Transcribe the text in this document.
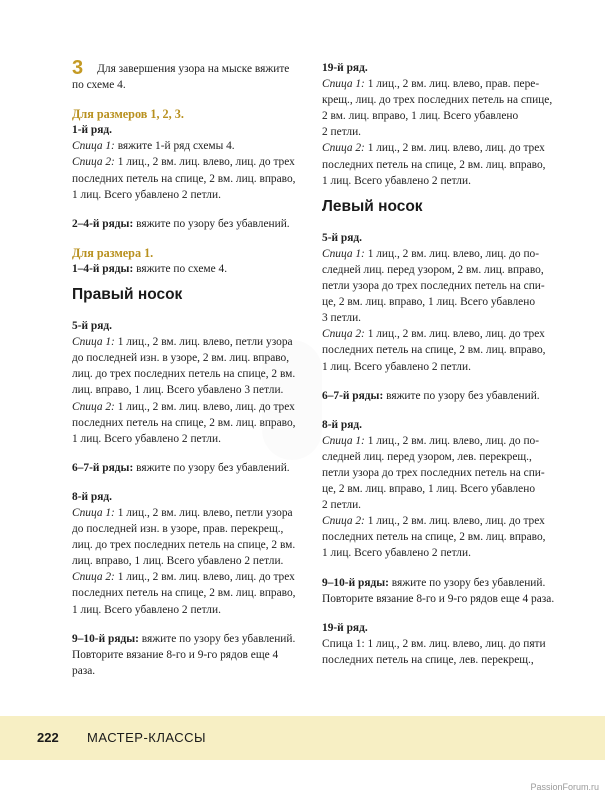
3 Для завершения узора на мыске вяжите

по схеме 4.

Для размеров 1, 2, 3.

1-й ряд.

Спица 1: вяжите 1-й ряд схемы 4.

Спица 2: 1 лиц., 2 вм. лиц. влево, лиц. до трех

последних петель на спице, 2 вм. лиц. вправо,

1 лиц. Всего убавлено 2 петли.

2–4-й ряды: вяжите по узору без убавлений.

Для размера 1.

1–4-й ряды: вяжите по схеме 4.

Правый носок

5-й ряд.

Спица 1: 1 лиц., 2 вм. лиц. влево, петли узора

до последней изн. в узоре, 2 вм. лиц. вправо,

лиц. до трех последних петель на спице, 2 вм.

лиц. вправо, 1 лиц. Всего убавлено 3 петли.

Спица 2: 1 лиц., 2 вм. лиц. влево, лиц. до трех

последних петель на спице, 2 вм. лиц. вправо,

1 лиц. Всего убавлено 2 петли.

6–7-й ряды: вяжите по узору без убавлений.

8-й ряд.

Спица 1: 1 лиц., 2 вм. лиц. влево, петли узора

до последней изн. в узоре, прав. перекрещ.,

лиц. до трех последних петель на спице, 2 вм.

лиц. вправо, 1 лиц. Всего убавлено 2 петли.

Спица 2: 1 лиц., 2 вм. лиц. влево, лиц. до трех

последних петель на спице, 2 вм. лиц. вправо,

1 лиц. Всего убавлено 2 петли.

9–10-й ряды: вяжите по узору без убавлений.

Повторите вязание 8-го и 9-го рядов еще 4 раза.

19-й ряд.

Спица 1: 1 лиц., 2 вм. лиц. влево, прав. пере-

крещ., лиц. до трех последних петель на спице,

2 вм. лиц. вправо, 1 лиц. Всего убавлено

2 петли.

Спица 2: 1 лиц., 2 вм. лиц. влево, лиц. до трех

последних петель на спице, 2 вм. лиц. вправо,

1 лиц. Всего убавлено 2 петли.

Левый носок

5-й ряд.

Спица 1: 1 лиц., 2 вм. лиц. влево, лиц. до по-

следней лиц. перед узором, 2 вм. лиц. вправо,

петли узора до трех последних петель на спи-

це, 2 вм. лиц. вправо, 1 лиц. Всего убавлено

3 петли.

Спица 2: 1 лиц., 2 вм. лиц. влево, лиц. до трех

последних петель на спице, 2 вм. лиц. вправо,

1 лиц. Всего убавлено 2 петли.

6–7-й ряды: вяжите по узору без убавлений.

8-й ряд.

Спица 1: 1 лиц., 2 вм. лиц. влево, лиц. до по-

следней лиц. перед узором, лев. перекрещ.,

петли узора до трех последних петель на спи-

це, 2 вм. лиц. вправо, 1 лиц. Всего убавлено

2 петли.

Спица 2: 1 лиц., 2 вм. лиц. влево, лиц. до трех

последних петель на спице, 2 вм. лиц. вправо,

1 лиц. Всего убавлено 2 петли.

9–10-й ряды: вяжите по узору без убавлений.

Повторите вязание 8-го и 9-го рядов еще 4 раза.

19-й ряд.

Спица 1: 1 лиц., 2 вм. лиц. влево, лиц. до пяти

последних петель на спице, лев. перекрещ.,

222 МАСТЕР-КЛАССЫ
PassionForum.ru
